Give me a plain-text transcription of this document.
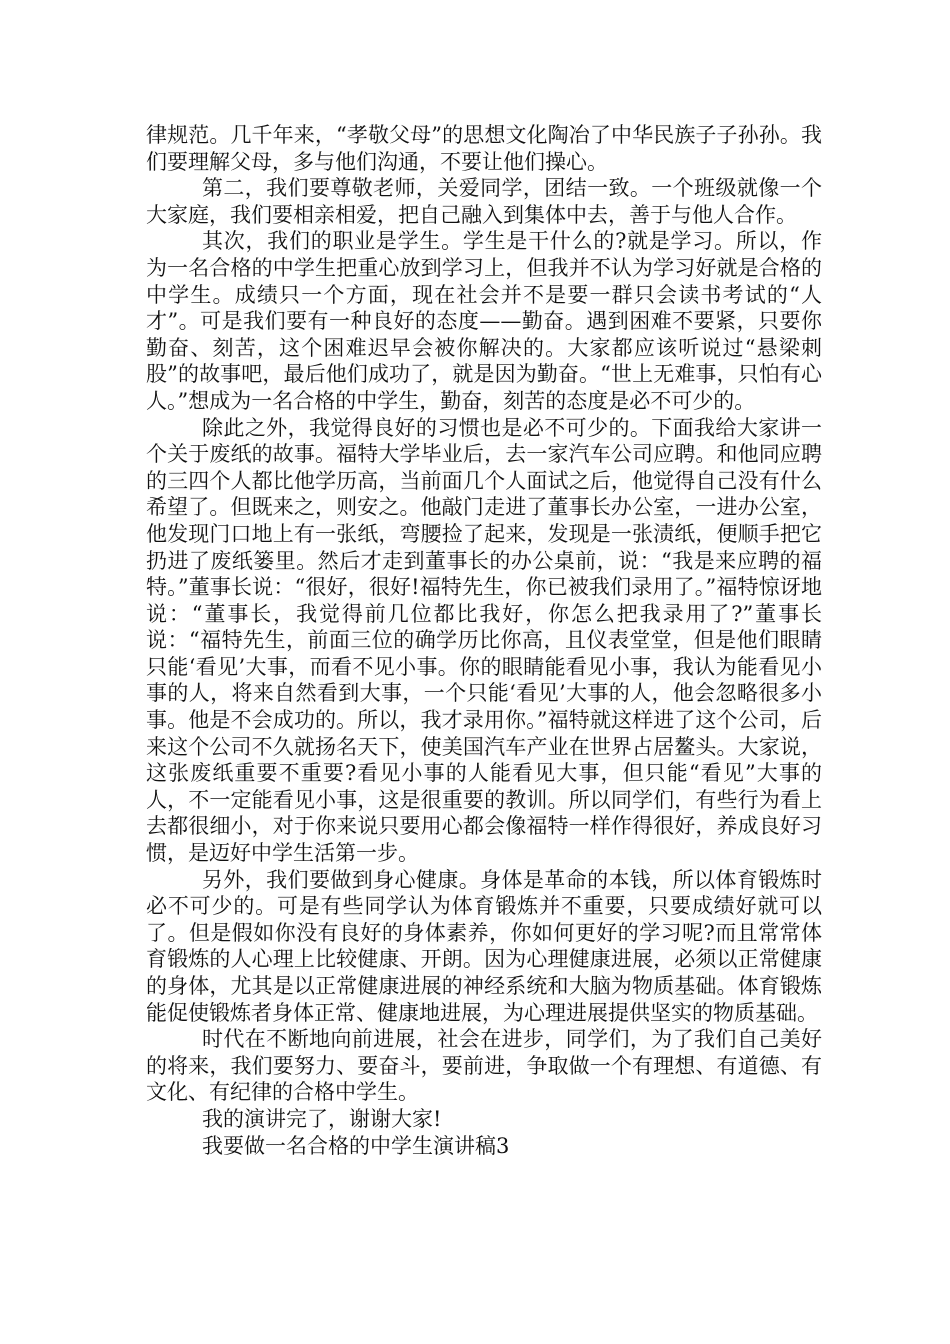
律规范。几千年来，“孝敬父母”的思想文化陶冶了中华民族子子孙孙。我们要理解父母，多与他们沟通，不要让他们操心。

第二，我们要尊敬老师，关爱同学，团结一致。一个班级就像一个大家庭，我们要相亲相爱，把自己融入到集体中去，善于与他人合作。

其次，我们的职业是学生。学生是干什么的?就是学习。所以，作为一名合格的中学生把重心放到学习上，但我并不认为学习好就是合格的中学生。成绩只一个方面，现在社会并不是要一群只会读书考试的“人才”。可是我们要有一种良好的态度——勤奋。遇到困难不要紧，只要你勤奋、刻苦，这个困难迟早会被你解决的。大家都应该听说过“悬梁刺股”的故事吧，最后他们成功了，就是因为勤奋。“世上无难事，只怕有心人。”想成为一名合格的中学生，勤奋，刻苦的态度是必不可少的。

除此之外，我觉得良好的习惯也是必不可少的。下面我给大家讲一个关于废纸的故事。福特大学毕业后，去一家汽车公司应聘。和他同应聘的三四个人都比他学历高，当前面几个人面试之后，他觉得自己没有什么希望了。但既来之，则安之。他敲门走进了董事长办公室，一进办公室，他发现门口地上有一张纸，弯腰捡了起来，发现是一张渍纸，便顺手把它扔进了废纸篓里。然后才走到董事长的办公桌前，说：“我是来应聘的福特。”董事长说：“很好，很好!福特先生，你已被我们录用了。”福特惊讶地说：“董事长，我觉得前几位都比我好，你怎么把我录用了?”董事长说：“福特先生，前面三位的确学历比你高，且仪表堂堂，但是他们眼睛只能‘看见’大事，而看不见小事。你的眼睛能看见小事，我认为能看见小事的人，将来自然看到大事，一个只能‘看见’大事的人，他会忽略很多小事。他是不会成功的。所以，我才录用你。”福特就这样进了这个公司，后来这个公司不久就扬名天下，使美国汽车产业在世界占居鳌头。大家说，这张废纸重要不重要?看见小事的人能看见大事，但只能“看见”大事的人，不一定能看见小事，这是很重要的教训。所以同学们，有些行为看上去都很细小，对于你来说只要用心都会像福特一样作得很好，养成良好习惯，是迈好中学生活第一步。

另外，我们要做到身心健康。身体是革命的本钱，所以体育锻炼时必不可少的。可是有些同学认为体育锻炼并不重要，只要成绩好就可以了。但是假如你没有良好的身体素养，你如何更好的学习呢?而且常常体育锻炼的人心理上比较健康、开朗。因为心理健康进展，必须以正常健康的身体，尤其是以正常健康进展的神经系统和大脑为物质基础。体育锻炼能促使锻炼者身体正常、健康地进展，为心理进展提供坚实的物质基础。

时代在不断地向前进展，社会在进步，同学们，为了我们自己美好的将来，我们要努力、要奋斗，要前进，争取做一个有理想、有道德、有文化、有纪律的合格中学生。

我的演讲完了，谢谢大家!

我要做一名合格的中学生演讲稿3
